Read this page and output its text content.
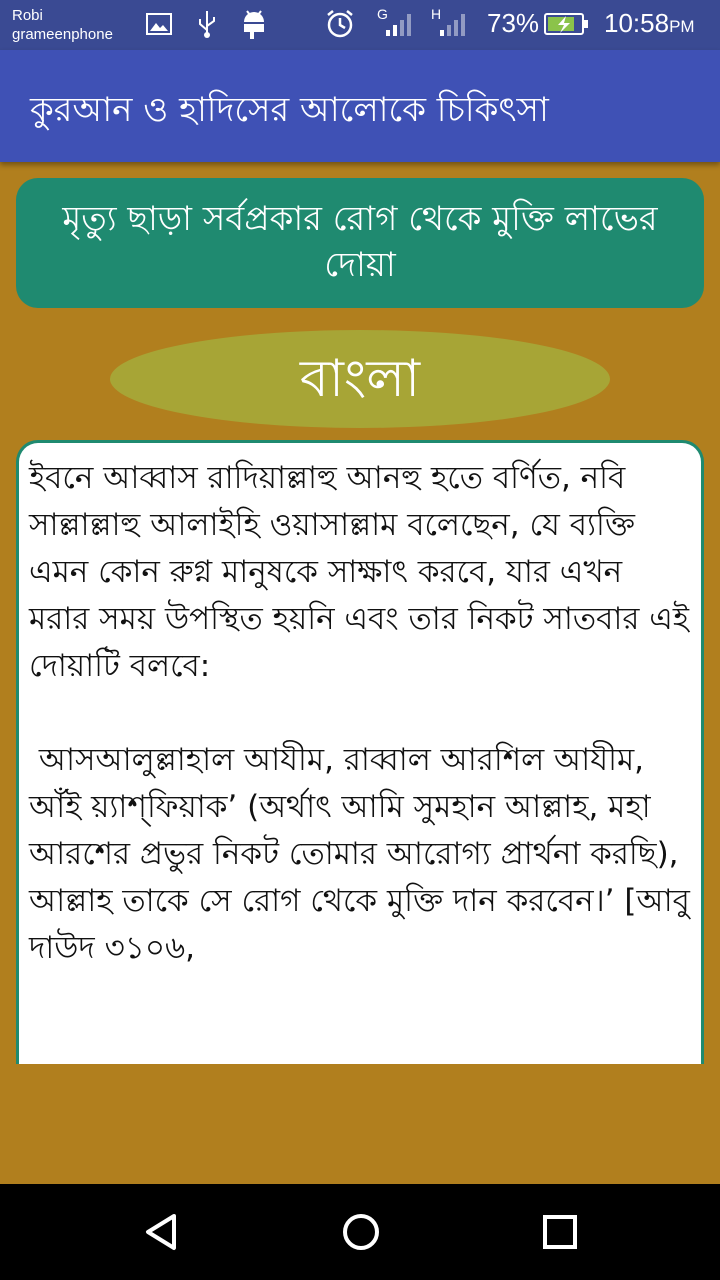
Robi
grameenphone
G	H 73% 10:58PM
কুরআন ও হাদিসের আলোকে চিকিৎসা
মৃত্যু ছাড়া সর্বপ্রকার রোগ থেকে মুক্তি লাভের দোয়া
বাংলা
ইবনে আব্বাস রাদিয়াল্লাহু আনহু হতে বর্ণিত, নবি সাল্লাল্লাহু আলাইহি ওয়াসাল্লাম বলেছেন, যে ব্যক্তি এমন কোন রুগ্ন মানুষকে সাক্ষাৎ করবে, যার এখন মরার সময় উপস্থিত হয়নি এবং তার নিকট সাতবার এই দোয়াটি বলবে:

আসআলুল্লাহাল আযীম, রাব্বাল আরশিল আযীম, আঁই য়্যাশ্‌ফিয়াক’ (অর্থাৎ আমি সুমহান আল্লাহ, মহা আরশের প্রভুর নিকট তোমার আরোগ্য প্রার্থনা করছি), আল্লাহ তাকে সে রোগ থেকে মুক্তি দান করবেন।’ [আবু দাউদ ৩১০৬,
